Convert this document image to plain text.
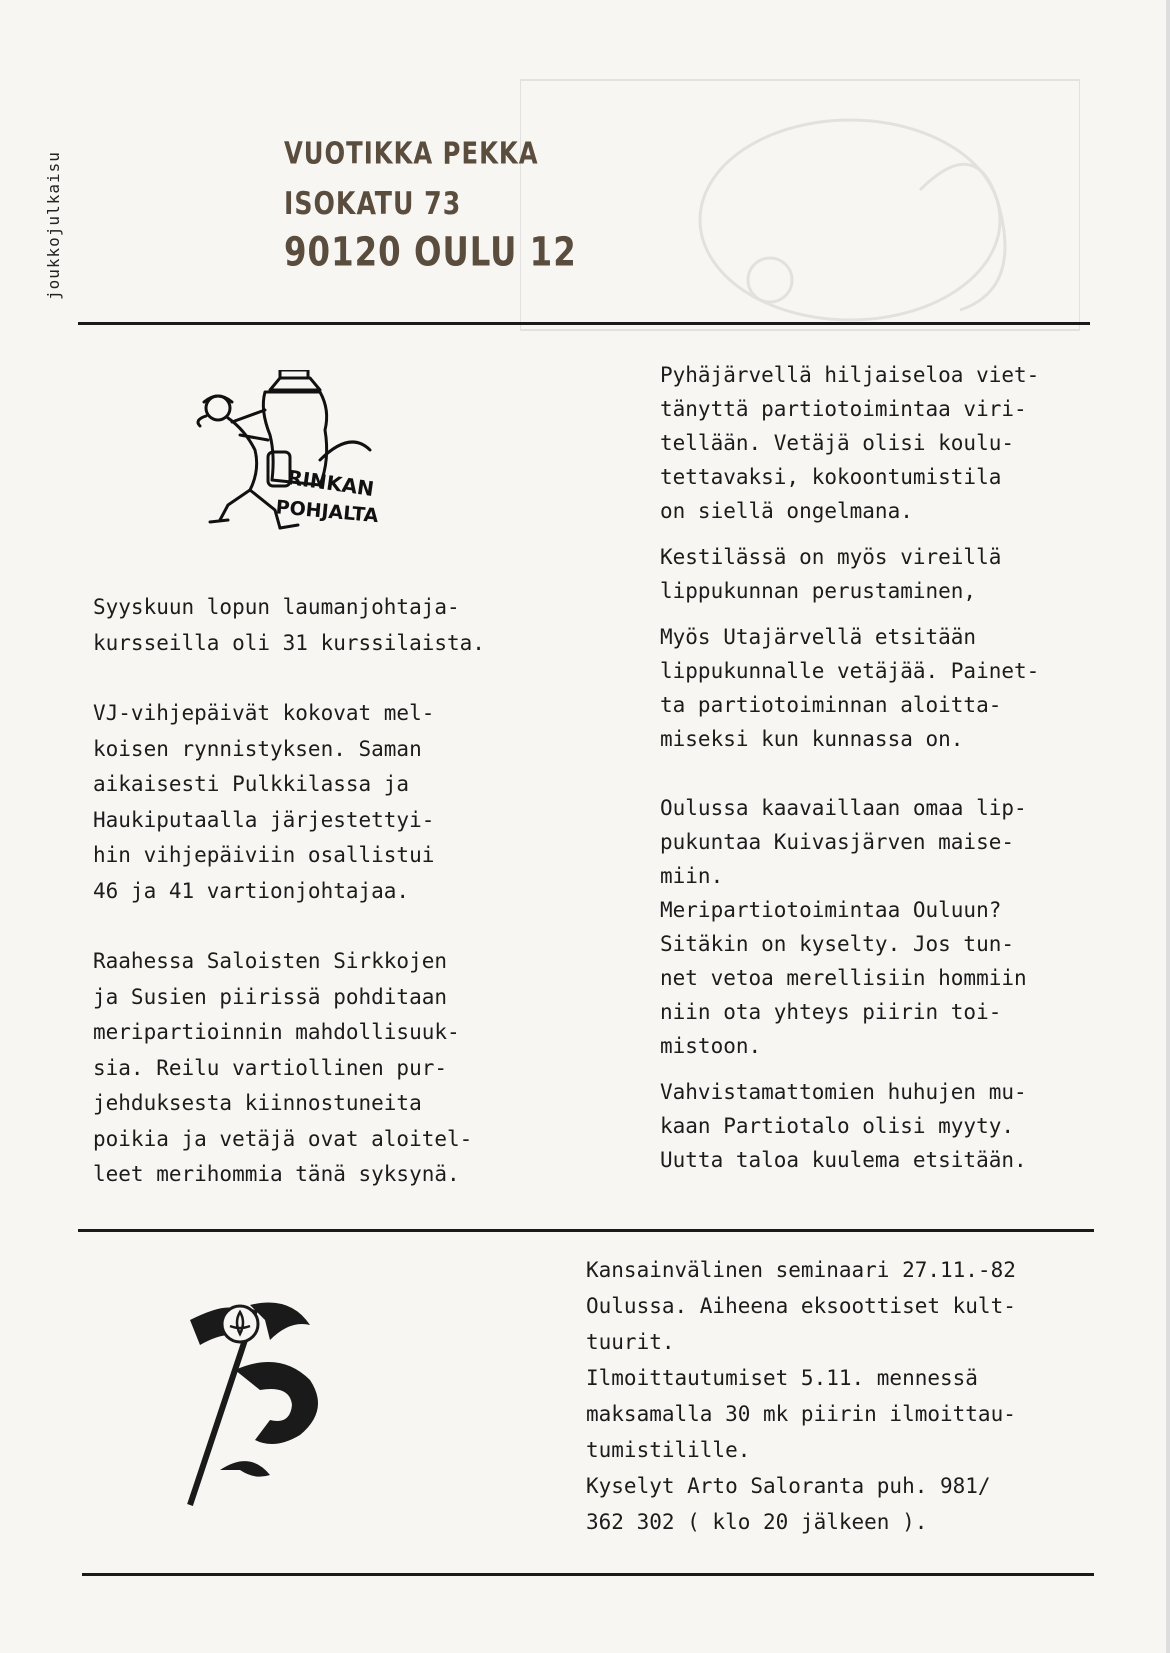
joukkojulkaisu	VUOTIKKA PEKKA
ISOKATU 73
90120 OULU 12
RINKAN
POHJALTA

Syyskuun lopun laumanjohtaja-

kursseilla oli 31 kurssilaista.

VJ-vihjepäivät kokovat mel-

koisen rynnistyksen. Saman

aikaisesti Pulkkilassa ja

Haukiputaalla järjestettyi-

hin vihjepäiviin osallistui

46 ja 41 vartionjohtajaa.

Raahessa Saloisten Sirkkojen

ja Susien piirissä pohditaan

meripartioinnin mahdollisuuk-

sia. Reilu vartiollinen pur-

jehduksesta kiinnostuneita

poikia ja vetäjä ovat aloitel-

leet merihommia tänä syksynä.

Pyhäjärvellä hiljaiseloa viet-

tänyttä partiotoimintaa viri-

tellään. Vetäjä olisi koulu-

tettavaksi, kokoontumistila

on siellä ongelmana.

Kestilässä on myös vireillä

lippukunnan perustaminen,

Myös Utajärvellä etsitään

lippukunnalle vetäjää. Painet-

ta partiotoiminnan aloitta-

miseksi kun kunnassa on.

Oulussa kaavaillaan omaa lip-

pukuntaa Kuivasjärven maise-

miin.

Meripartiotoimintaa Ouluun?

Sitäkin on kyselty. Jos tun-

net vetoa merellisiin hommiin

niin ota yhteys piirin toi-

mistoon.

Vahvistamattomien huhujen mu-

kaan Partiotalo olisi myyty.

Uutta taloa kuulema etsitään.

Kansainvälinen seminaari 27.11.-82

Oulussa. Aiheena eksoottiset kult-

tuurit.

Ilmoittautumiset 5.11. mennessä

maksamalla 30 mk piirin ilmoittau-

tumistilille.

Kyselyt Arto Saloranta puh. 981/

362 302 ( klo 20 jälkeen ).
